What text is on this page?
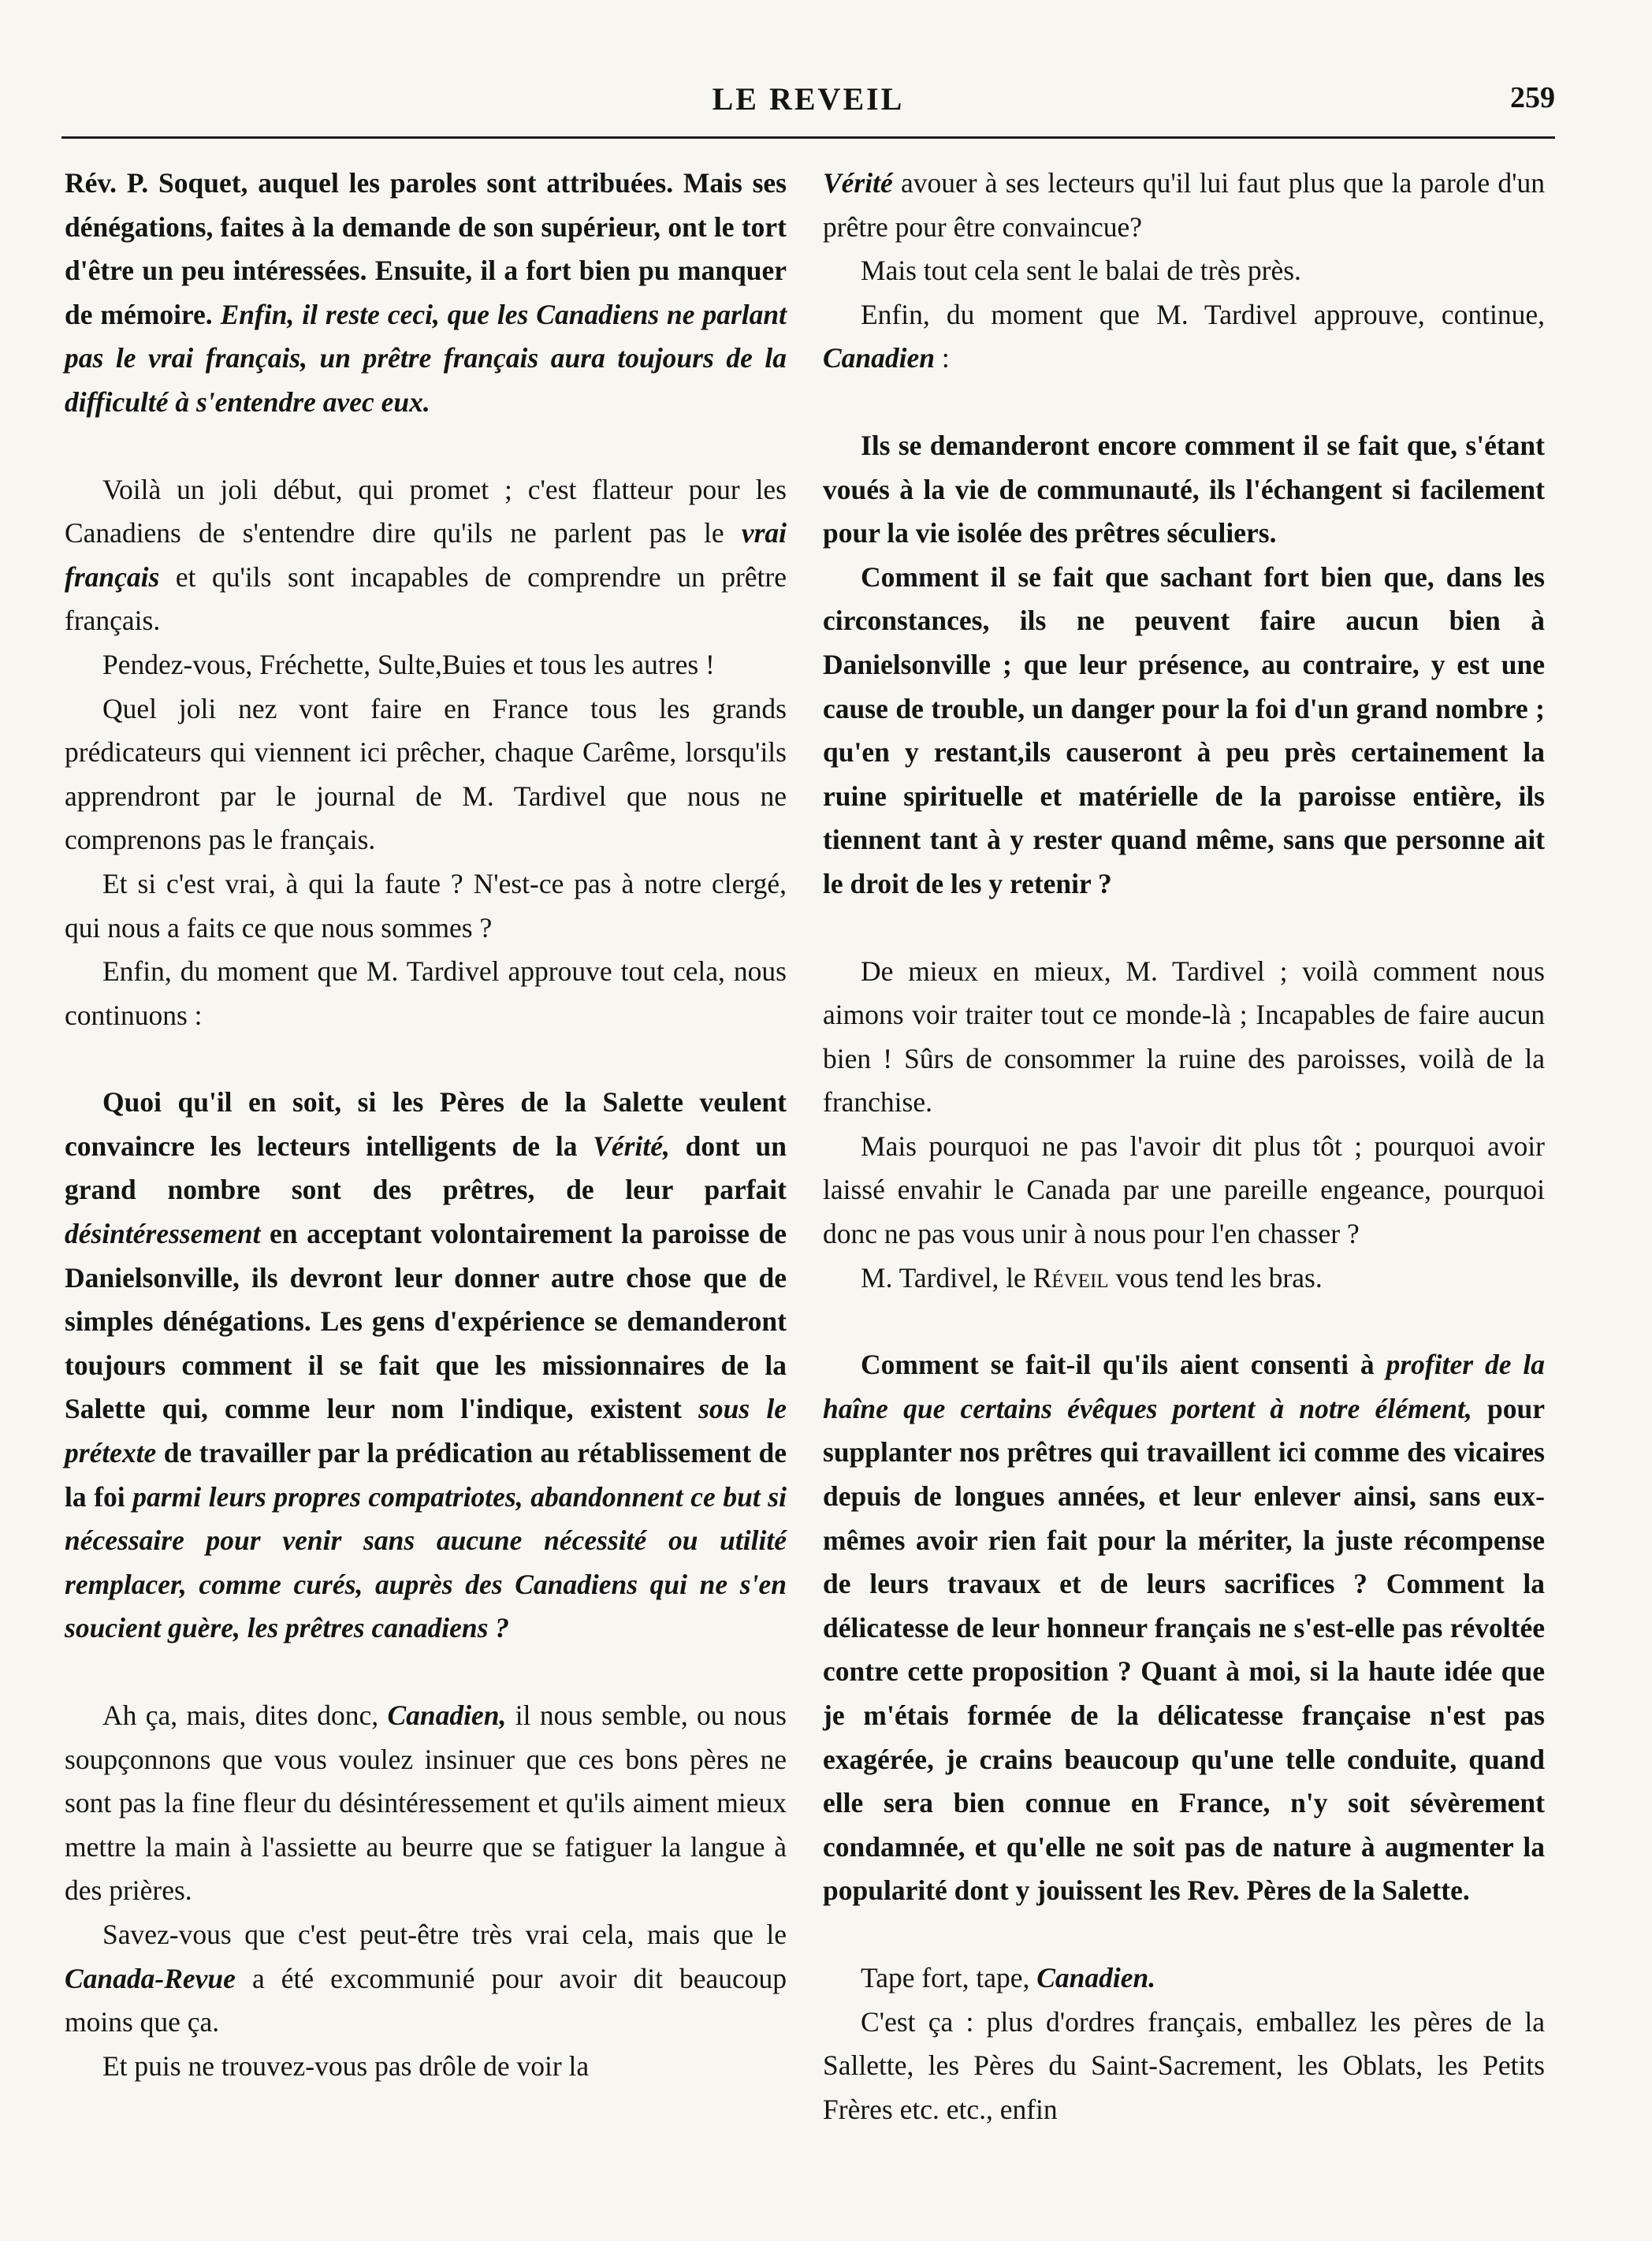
LE REVEIL	259

Rév. P. Soquet, auquel les paroles sont attribuées. Mais ses dénégations, faites à la demande de son supérieur, ont le tort d'être un peu intéressées. Ensuite, il a fort bien pu manquer de mémoire. Enfin, il reste ceci, que les Canadiens ne parlant pas le vrai français, un prêtre français aura toujours de la difficulté à s'entendre avec eux.

Voilà un joli début, qui promet ; c'est flatteur pour les Canadiens de s'entendre dire qu'ils ne parlent pas le vrai français et qu'ils sont incapables de comprendre un prêtre français.

Pendez-vous, Fréchette, Sulte,Buies et tous les autres !

Quel joli nez vont faire en France tous les grands prédicateurs qui viennent ici prêcher, chaque Carême, lorsqu'ils apprendront par le journal de M. Tardivel que nous ne comprenons pas le français.

Et si c'est vrai, à qui la faute ? N'est-ce pas à notre clergé, qui nous a faits ce que nous sommes ?

Enfin, du moment que M. Tardivel approuve tout cela, nous continuons :

Quoi qu'il en soit, si les Pères de la Salette veulent convaincre les lecteurs intelligents de la Vérité, dont un grand nombre sont des prêtres, de leur parfait désintéressement en acceptant volontairement la paroisse de Danielsonville, ils devront leur donner autre chose que de simples dénégations. Les gens d'expérience se demanderont toujours comment il se fait que les missionnaires de la Salette qui, comme leur nom l'indique, existent sous le prétexte de travailler par la prédication au rétablissement de la foi parmi leurs propres compatriotes, abandonnent ce but si nécessaire pour venir sans aucune nécessité ou utilité remplacer, comme curés, auprès des Canadiens qui ne s'en soucient guère, les prêtres canadiens ?

Ah ça, mais, dites donc, Canadien, il nous semble, ou nous soupçonnons que vous voulez insinuer que ces bons pères ne sont pas la fine fleur du désintéressement et qu'ils aiment mieux mettre la main à l'assiette au beurre que se fatiguer la langue à des prières.

Savez-vous que c'est peut-être très vrai cela, mais que le Canada-Revue a été excommunié pour avoir dit beaucoup moins que ça.

Et puis ne trouvez-vous pas drôle de voir la

Vérité avouer à ses lecteurs qu'il lui faut plus que la parole d'un prêtre pour être convaincue?

Mais tout cela sent le balai de très près.

Enfin, du moment que M. Tardivel approuve, continue, Canadien :

Ils se demanderont encore comment il se fait que, s'étant voués à la vie de communauté, ils l'échangent si facilement pour la vie isolée des prêtres séculiers.

Comment il se fait que sachant fort bien que, dans les circonstances, ils ne peuvent faire aucun bien à Danielsonville ; que leur présence, au contraire, y est une cause de trouble, un danger pour la foi d'un grand nombre ; qu'en y restant,ils causeront à peu près certainement la ruine spirituelle et matérielle de la paroisse entière, ils tiennent tant à y rester quand même, sans que personne ait le droit de les y retenir ?

De mieux en mieux, M. Tardivel ; voilà comment nous aimons voir traiter tout ce monde-là ; Incapables de faire aucun bien ! Sûrs de consommer la ruine des paroisses, voilà de la franchise.

Mais pourquoi ne pas l'avoir dit plus tôt ; pourquoi avoir laissé envahir le Canada par une pareille engeance, pourquoi donc ne pas vous unir à nous pour l'en chasser ?

M. Tardivel, le Réveil vous tend les bras.

Comment se fait-il qu'ils aient consenti à profiter de la haîne que certains évêques portent à notre élément, pour supplanter nos prêtres qui travaillent ici comme des vicaires depuis de longues années, et leur enlever ainsi, sans eux-mêmes avoir rien fait pour la mériter, la juste récompense de leurs travaux et de leurs sacrifices ? Comment la délicatesse de leur honneur français ne s'est-elle pas révoltée contre cette proposition ? Quant à moi, si la haute idée que je m'étais formée de la délicatesse française n'est pas exagérée, je crains beaucoup qu'une telle conduite, quand elle sera bien connue en France, n'y soit sévèrement condamnée, et qu'elle ne soit pas de nature à augmenter la popularité dont y jouissent les Rev. Pères de la Salette.

Tape fort, tape, Canadien.

C'est ça : plus d'ordres français, emballez les pères de la Sallette, les Pères du Saint-Sacrement, les Oblats, les Petits Frères etc. etc., enfin
